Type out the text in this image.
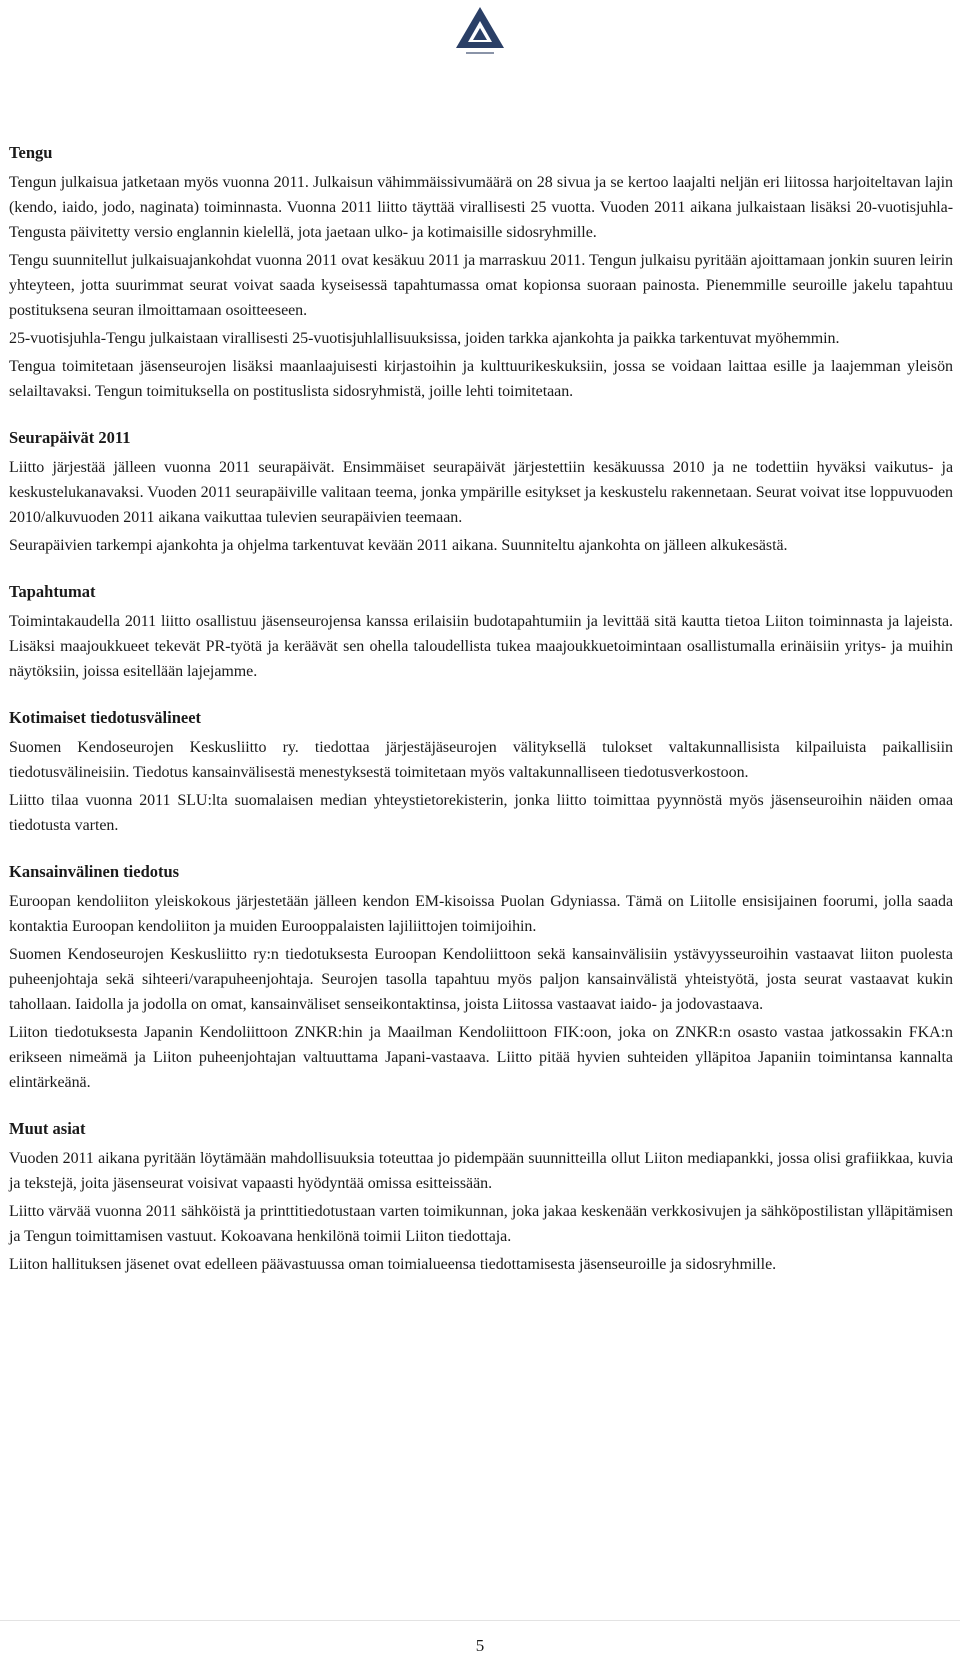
Tengu

Tengun julkaisua jatketaan myös vuonna 2011. Julkaisun vähimmäissivumäärä on 28 sivua ja se kertoo laajalti neljän eri liitossa harjoiteltavan lajin (kendo, iaido, jodo, naginata) toiminnasta. Vuonna 2011 liitto täyttää virallisesti 25 vuotta. Vuoden 2011 aikana julkaistaan lisäksi 20-vuotisjuhla-Tengusta päivitetty versio englannin kielellä, jota jaetaan ulko- ja kotimaisille sidosryhmille.

Tengu suunnitellut julkaisuajankohdat vuonna 2011 ovat kesäkuu 2011 ja marraskuu 2011. Tengun julkaisu pyritään ajoittamaan jonkin suuren leirin yhteyteen, jotta suurimmat seurat voivat saada kyseisessä tapahtumassa omat kopionsa suoraan painosta. Pienemmille seuroille jakelu tapahtuu postituksena seuran ilmoittamaan osoitteeseen.

25-vuotisjuhla-Tengu julkaistaan virallisesti 25-vuotisjuhlallisuuksissa, joiden tarkka ajankohta ja paikka tarkentuvat myöhemmin.

Tengua toimitetaan jäsenseurojen lisäksi maanlaajuisesti kirjastoihin ja kulttuurikeskuksiin, jossa se voidaan laittaa esille ja laajemman yleisön selailtavaksi. Tengun toimituksella on postituslista sidosryhmistä, joille lehti toimitetaan.

Seurapäivät 2011

Liitto järjestää jälleen vuonna 2011 seurapäivät. Ensimmäiset seurapäivät järjestettiin kesäkuussa 2010 ja ne todettiin hyväksi vaikutus- ja keskustelukanavaksi. Vuoden 2011 seurapäiville valitaan teema, jonka ympärille esitykset ja keskustelu rakennetaan. Seurat voivat itse loppuvuoden 2010/alkuvuoden 2011 aikana vaikuttaa tulevien seurapäivien teemaan.

Seurapäivien tarkempi ajankohta ja ohjelma tarkentuvat kevään 2011 aikana. Suunniteltu ajankohta on jälleen alkukesästä.

Tapahtumat

Toimintakaudella 2011 liitto osallistuu jäsenseurojensa kanssa erilaisiin budotapahtumiin ja levittää sitä kautta tietoa Liiton toiminnasta ja lajeista. Lisäksi maajoukkueet tekevät PR-työtä ja keräävät sen ohella taloudellista tukea maajoukkuetoimintaan osallistumalla erinäisiin yritys- ja muihin näytöksiin, joissa esitellään lajejamme.

Kotimaiset tiedotusvälineet

Suomen Kendoseurojen Keskusliitto ry. tiedottaa järjestäjäseurojen välityksellä tulokset valtakunnallisista kilpailuista paikallisiin tiedotusvälineisiin. Tiedotus kansainvälisestä menestyksestä toimitetaan myös valtakunnalliseen tiedotusverkostoon.

Liitto tilaa vuonna 2011 SLU:lta suomalaisen median yhteystietorekisterin, jonka liitto toimittaa pyynnöstä myös jäsenseuroihin näiden omaa tiedotusta varten.

Kansainvälinen tiedotus

Euroopan kendoliiton yleiskokous järjestetään jälleen kendon EM-kisoissa Puolan Gdyniassa. Tämä on Liitolle ensisijainen foorumi, jolla saada kontaktia Euroopan kendoliiton ja muiden Eurooppalaisten lajiliittojen toimijoihin.

Suomen Kendoseurojen Keskusliitto ry:n tiedotuksesta Euroopan Kendoliittoon sekä kansainvälisiin ystävyysseuroihin vastaavat liiton puolesta puheenjohtaja sekä sihteeri/varapuheenjohtaja. Seurojen tasolla tapahtuu myös paljon kansainvälistä yhteistyötä, josta seurat vastaavat kukin tahollaan. Iaidolla ja jodolla on omat, kansainväliset senseikontaktinsa, joista Liitossa vastaavat iaido- ja jodovastaava.

Liiton tiedotuksesta Japanin Kendoliittoon ZNKR:hin ja Maailman Kendoliittoon FIK:oon, joka on ZNKR:n osasto vastaa jatkossakin FKA:n erikseen nimeämä ja Liiton puheenjohtajan valtuuttama Japani-vastaava. Liitto pitää hyvien suhteiden ylläpitoa Japaniin toimintansa kannalta elintärkeänä.

Muut asiat

Vuoden 2011 aikana pyritään löytämään mahdollisuuksia toteuttaa jo pidempään suunnitteilla ollut Liiton mediapankki, jossa olisi grafiikkaa, kuvia ja tekstejä, joita jäsenseurat voisivat vapaasti hyödyntää omissa esitteissään.

Liitto värvää vuonna 2011 sähköistä ja printtitiedotustaan varten toimikunnan, joka jakaa keskenään verkkosivujen ja sähköpostilistan ylläpitämisen ja Tengun toimittamisen vastuut. Kokoavana henkilönä toimii Liiton tiedottaja.

Liiton hallituksen jäsenet ovat edelleen päävastuussa oman toimialueensa tiedottamisesta jäsenseuroille ja sidosryhmille.

5
